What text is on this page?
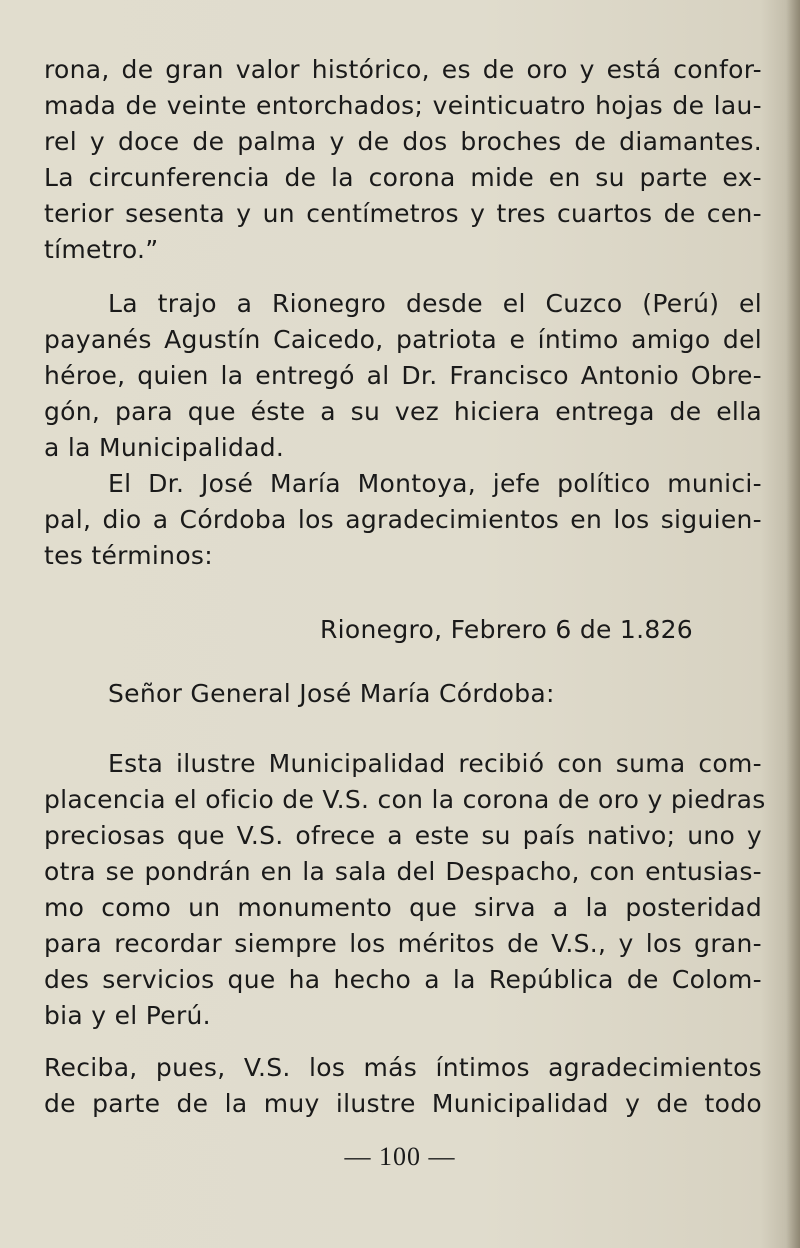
rona, de gran valor histórico, es de oro y está confor-
mada de veinte entorchados; veinticuatro hojas de lau-
rel y doce de palma y de dos broches de diamantes.
La circunferencia de la corona mide en su parte ex-
terior sesenta y un centímetros y tres cuartos de cen-
tímetro.”
La trajo a Rionegro desde el Cuzco (Perú) el
payanés Agustín Caicedo, patriota e íntimo amigo del
héroe, quien la entregó al Dr. Francisco Antonio Obre-
gón, para que éste a su vez hiciera entrega de ella
a la Municipalidad.
El Dr. José María Montoya, jefe político munici-
pal, dio a Córdoba los agradecimientos en los siguien-
tes términos:
Rionegro, Febrero 6 de 1.826
Señor General José María Córdoba:
Esta ilustre Municipalidad recibió con suma com-
placencia el oficio de V.S. con la corona de oro y piedras
preciosas que V.S. ofrece a este su país nativo; uno y
otra se pondrán en la sala del Despacho, con entusias-
mo como un monumento que sirva a la posteridad
para recordar siempre los méritos de V.S., y los gran-
des servicios que ha hecho a la República de Colom-
bia y el Perú.
Reciba, pues, V.S. los más íntimos agradecimientos
de parte de la muy ilustre Municipalidad y de todo
— 100 —
